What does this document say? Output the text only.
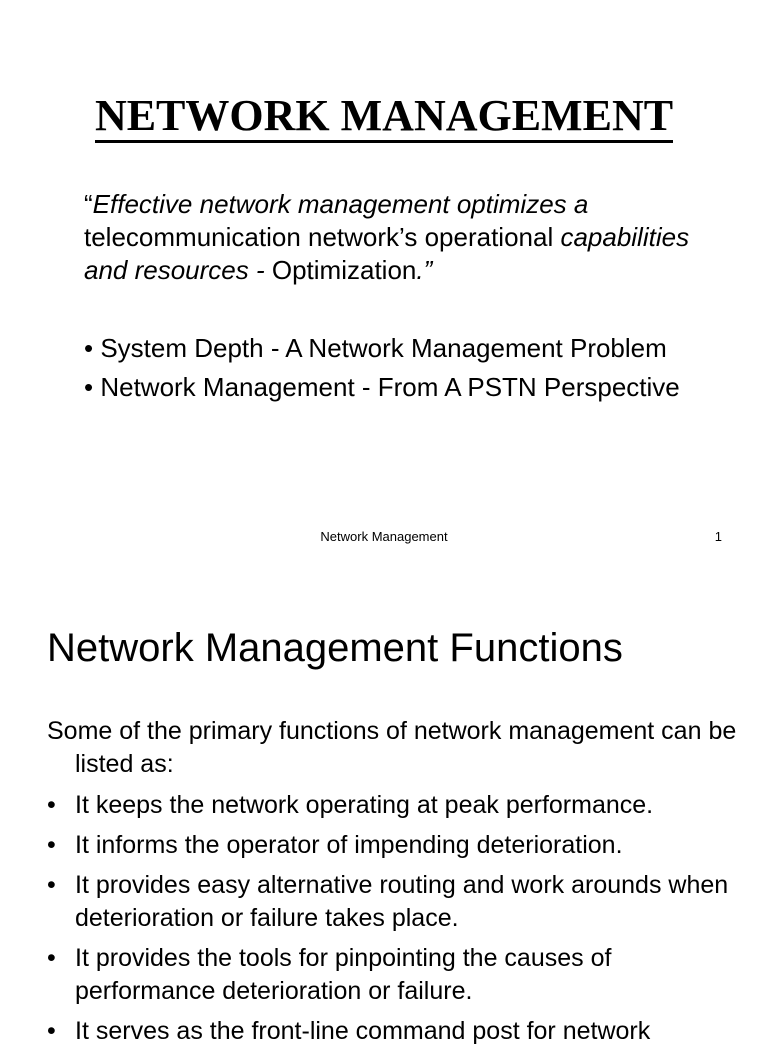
NETWORK MANAGEMENT

“Effective network management optimizes a telecommunication network’s operational capabilities and resources - Optimization.”

• System Depth - A Network Management Problem
• Network Management - From A PSTN Perspective
Network Management	1
Network Management Functions

Some of the primary functions of network management can be listed as:

• It keeps the network operating at peak performance.
• It informs the operator of impending deterioration.
• It provides easy alternative routing and work arounds when deterioration or failure takes place.
• It provides the tools for pinpointing the causes of performance deterioration or failure.
• It serves as the front-line command post for network
